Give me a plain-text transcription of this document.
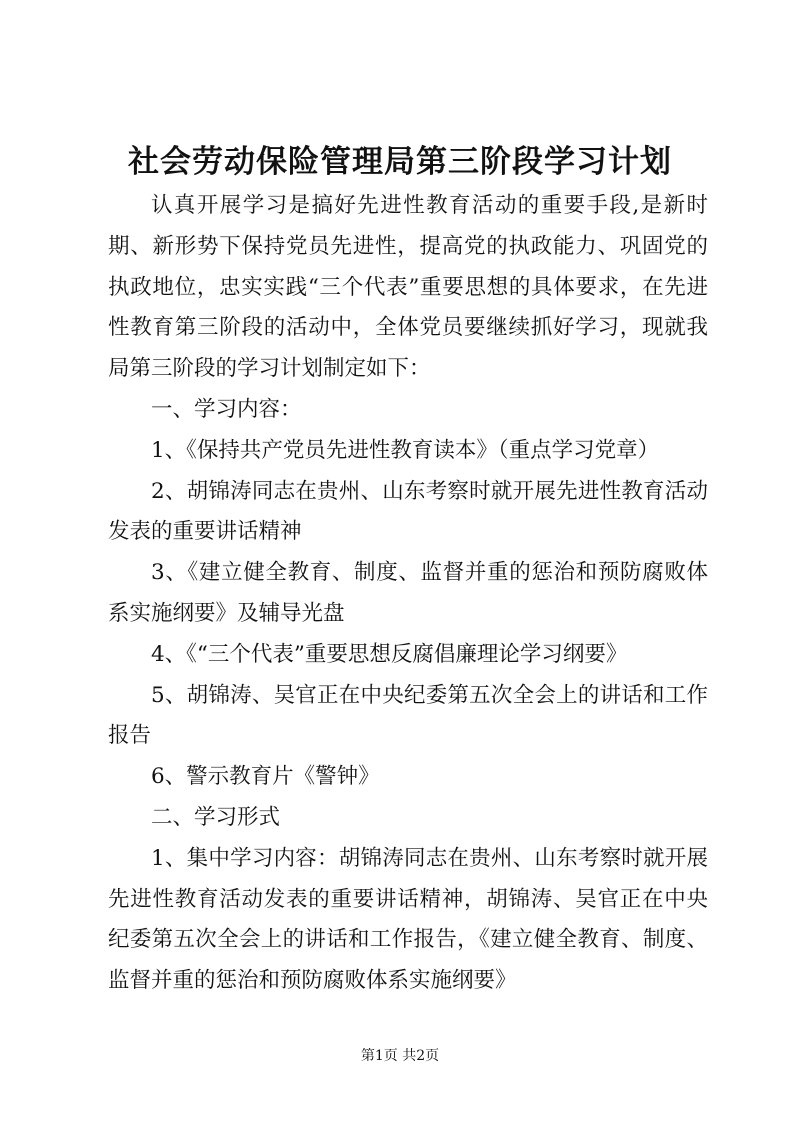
社会劳动保险管理局第三阶段学习计划

认真开展学习是搞好先进性教育活动的重要手段,是新时期、新形势下保持党员先进性，提高党的执政能力、巩固党的执政地位，忠实实践“三个代表”重要思想的具体要求，在先进性教育第三阶段的活动中，全体党员要继续抓好学习，现就我局第三阶段的学习计划制定如下：

一、学习内容：

1、《保持共产党员先进性教育读本》（重点学习党章）

2、胡锦涛同志在贵州、山东考察时就开展先进性教育活动发表的重要讲话精神

3、《建立健全教育、制度、监督并重的惩治和预防腐败体系实施纲要》及辅导光盘

4、《“三个代表”重要思想反腐倡廉理论学习纲要》

5、胡锦涛、吴官正在中央纪委第五次全会上的讲话和工作报告

6、警示教育片《警钟》

二、学习形式

1、集中学习内容：胡锦涛同志在贵州、山东考察时就开展先进性教育活动发表的重要讲话精神，胡锦涛、吴官正在中央纪委第五次全会上的讲话和工作报告，《建立健全教育、制度、监督并重的惩治和预防腐败体系实施纲要》

第1页 共2页
